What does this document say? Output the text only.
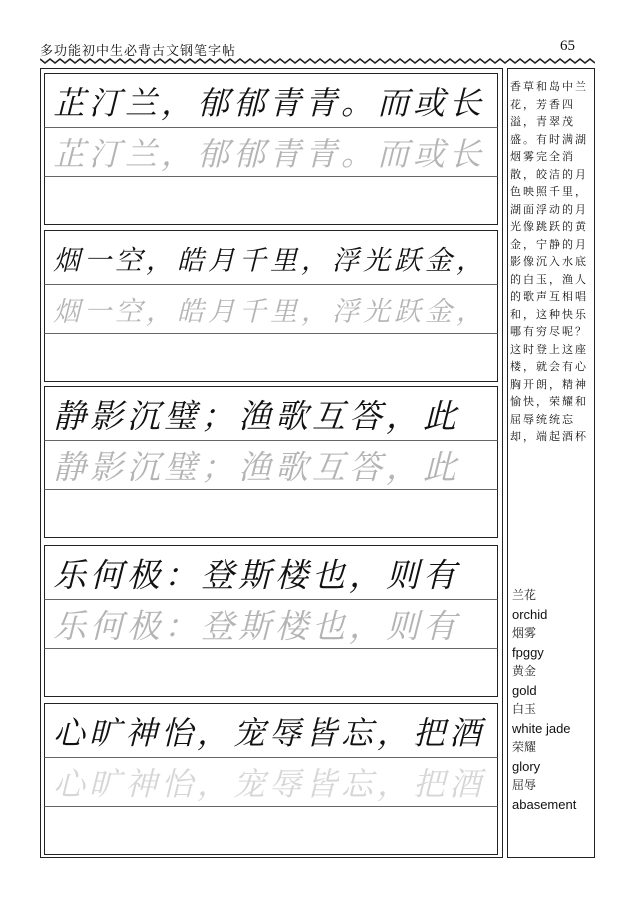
多功能初中生必背古文钢笔字帖	65
芷汀兰，郁郁青青。而或长
芷汀兰，郁郁青青。而或长
烟一空，皓月千里，浮光跃金，
烟一空，皓月千里，浮光跃金，
静影沉璧；渔歌互答，此
静影沉璧；渔歌互答，此
乐何极：登斯楼也，则有
乐何极：登斯楼也，则有
心旷神怡，宠辱皆忘，把酒
心旷神怡，宠辱皆忘，把酒
香草和岛中兰花，芳香四溢，青翠茂盛。有时满湖烟雾完全消散，皎洁的月色映照千里，湖面浮动的月光像跳跃的黄金，宁静的月影像沉入水底的白玉，渔人的歌声互相唱和，这种快乐哪有穷尽呢？这时登上这座楼，就会有心胸开朗，精神愉快，荣耀和屈辱统统忘却，端起酒杯
兰花
orchid
烟雾
fpggy
黄金
gold
白玉
white jade
荣耀
glory
屈辱
abasement
